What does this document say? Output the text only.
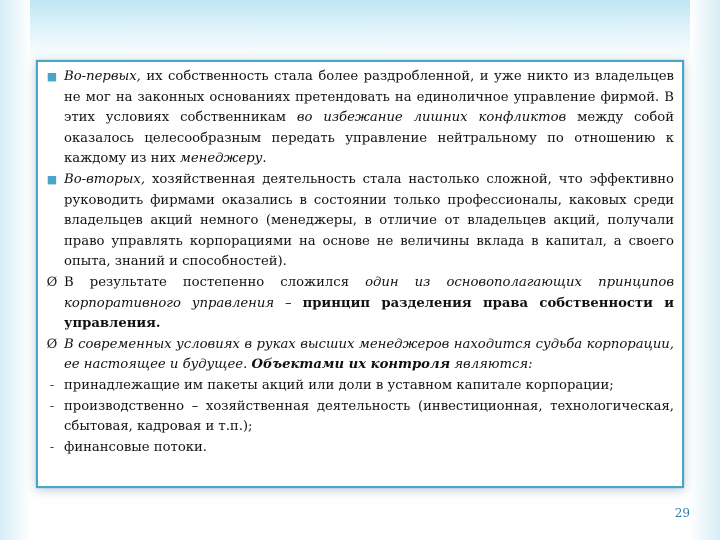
■ Во-первых, их собственность стала более раздробленной, и уже никто из владельцев не мог на законных основаниях претендовать на единоличное управление фирмой. В этих условиях собственникам во избежание лишних конфликтов между собой оказалось целесообразным передать управление нейтральному по отношению к каждому из них менеджеру.
■ Во-вторых, хозяйственная деятельность стала настолько сложной, что эффективно руководить фирмами оказались в состоянии только профессионалы, каковых среди владельцев акций немного (менеджеры, в отличие от владельцев акций, получали право управлять корпорациями на основе не величины вклада в капитал, а своего опыта, знаний и способностей).
Ø В результате постепенно сложился один из основополагающих принципов корпоративного управления – принцип разделения права собственности и управления.
Ø В современных условиях в руках высших менеджеров находится судьба корпорации, ее настоящее и будущее. Объектами их контроля являются:
- принадлежащие им пакеты акций или доли в уставном капитале корпорации;
- производственно – хозяйственная деятельность (инвестиционная, технологическая, сбытовая, кадровая и т.п.);
- финансовые потоки.
29
